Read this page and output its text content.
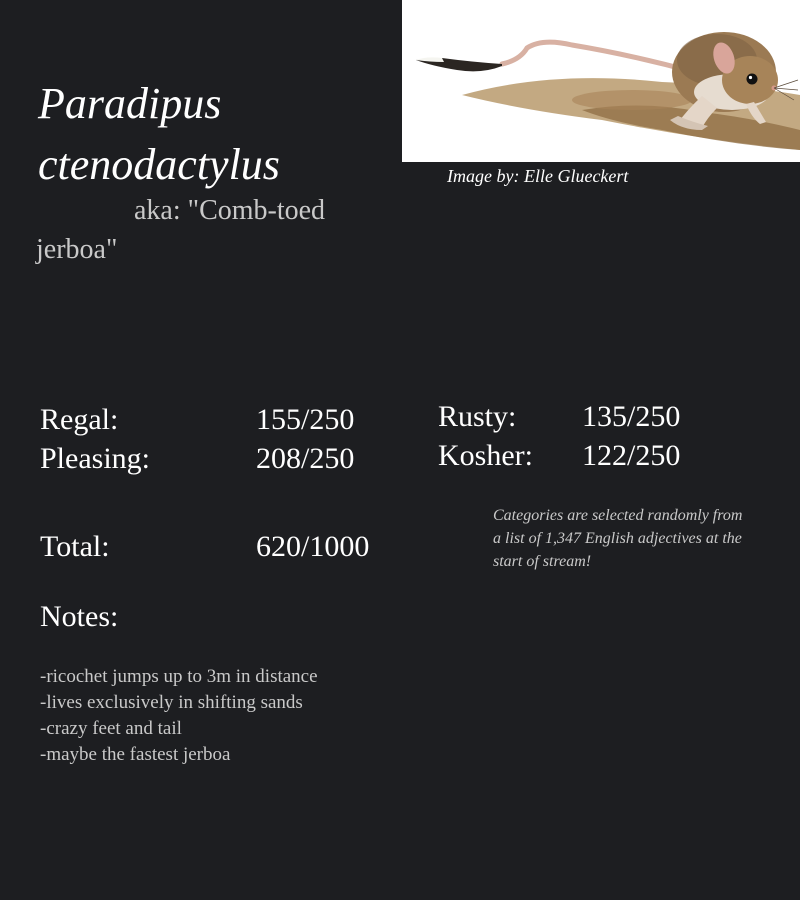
Paradipus
ctenodactylus
aka: "Comb-toed
jerboa"
Image by: Elle Glueckert
Regal:	155/250
Pleasing:	208/250
Rusty: 135/250
Kosher: 122/250
Total:	620/1000
Categories are selected randomly from a list of 1,347 English adjectives at the start of stream!
Notes:
-ricochet jumps up to 3m in distance
-lives exclusively in shifting sands
-crazy feet and tail
-maybe the fastest jerboa
